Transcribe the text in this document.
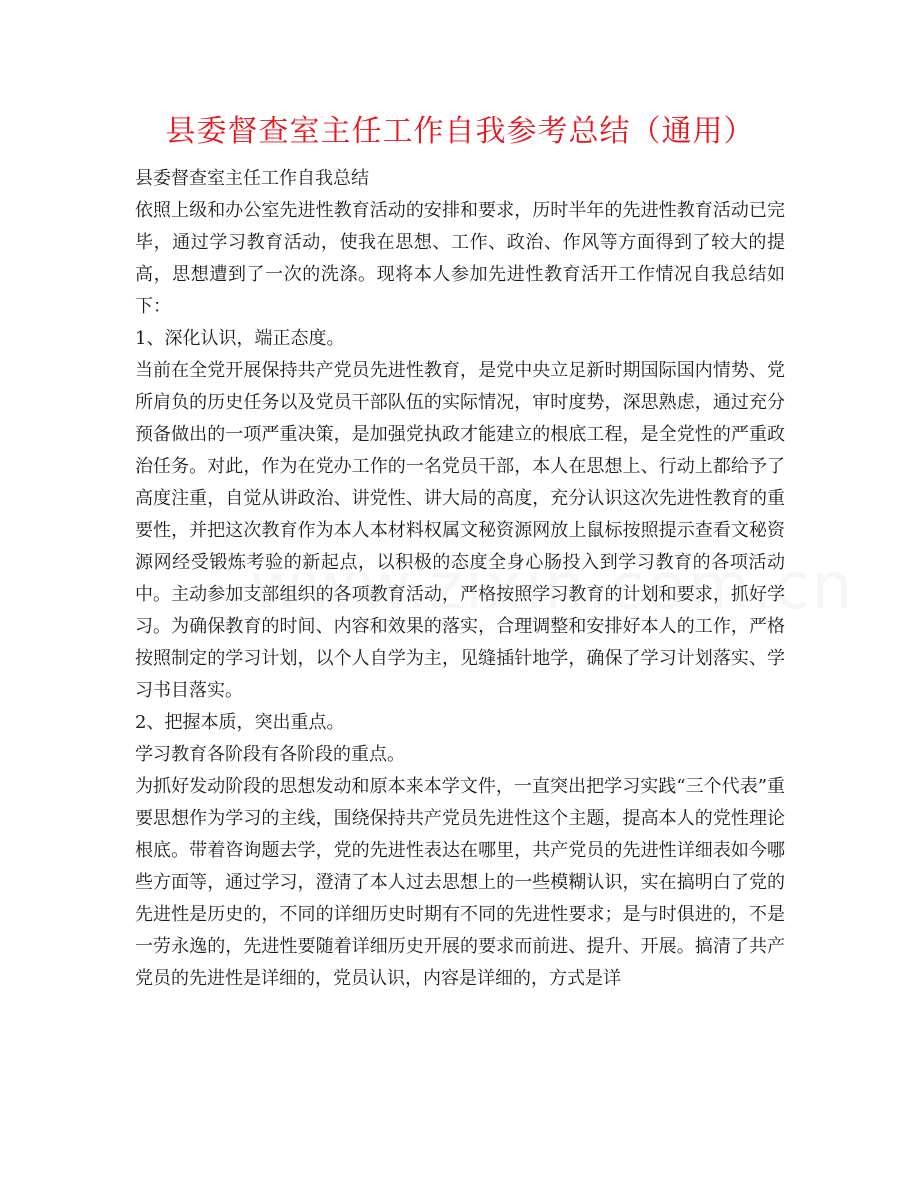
县委督查室主任工作自我参考总结（通用）

县委督查室主任工作自我总结

依照上级和办公室先进性教育活动的安排和要求，历时半年的先进性教育活动已完毕，通过学习教育活动，使我在思想、工作、政治、作风等方面得到了较大的提高，思想遭到了一次的洗涤。现将本人参加先进性教育活开工作情况自我总结如下：

1、深化认识，端正态度。

当前在全党开展保持共产党员先进性教育，是党中央立足新时期国际国内情势、党所肩负的历史任务以及党员干部队伍的实际情况，审时度势，深思熟虑，通过充分预备做出的一项严重决策，是加强党执政才能建立的根底工程，是全党性的严重政治任务。对此，作为在党办工作的一名党员干部，本人在思想上、行动上都给予了高度注重，自觉从讲政治、讲党性、讲大局的高度，充分认识这次先进性教育的重要性，并把这次教育作为本人本材料权属文秘资源网放上鼠标按照提示查看文秘资源网经受锻炼考验的新起点，以积极的态度全身心肠投入到学习教育的各项活动中。主动参加支部组织的各项教育活动，严格按照学习教育的计划和要求，抓好学习。为确保教育的时间、内容和效果的落实，合理调整和安排好本人的工作，严格按照制定的学习计划，以个人自学为主，见缝插针地学，确保了学习计划落实、学习书目落实。

2、把握本质，突出重点。

学习教育各阶段有各阶段的重点。

为抓好发动阶段的思想发动和原本来本学文件，一直突出把学习实践“三个代表”重要思想作为学习的主线，围绕保持共产党员先进性这个主题，提高本人的党性理论根底。带着咨询题去学，党的先进性表达在哪里，共产党员的先进性详细表如今哪些方面等，通过学习，澄清了本人过去思想上的一些模糊认识，实在搞明白了党的先进性是历史的，不同的详细历史时期有不同的先进性要求；是与时俱进的，不是一劳永逸的，先进性要随着详细历史开展的要求而前进、提升、开展。搞清了共产党员的先进性是详细的，党员认识，内容是详细的，方式是详
